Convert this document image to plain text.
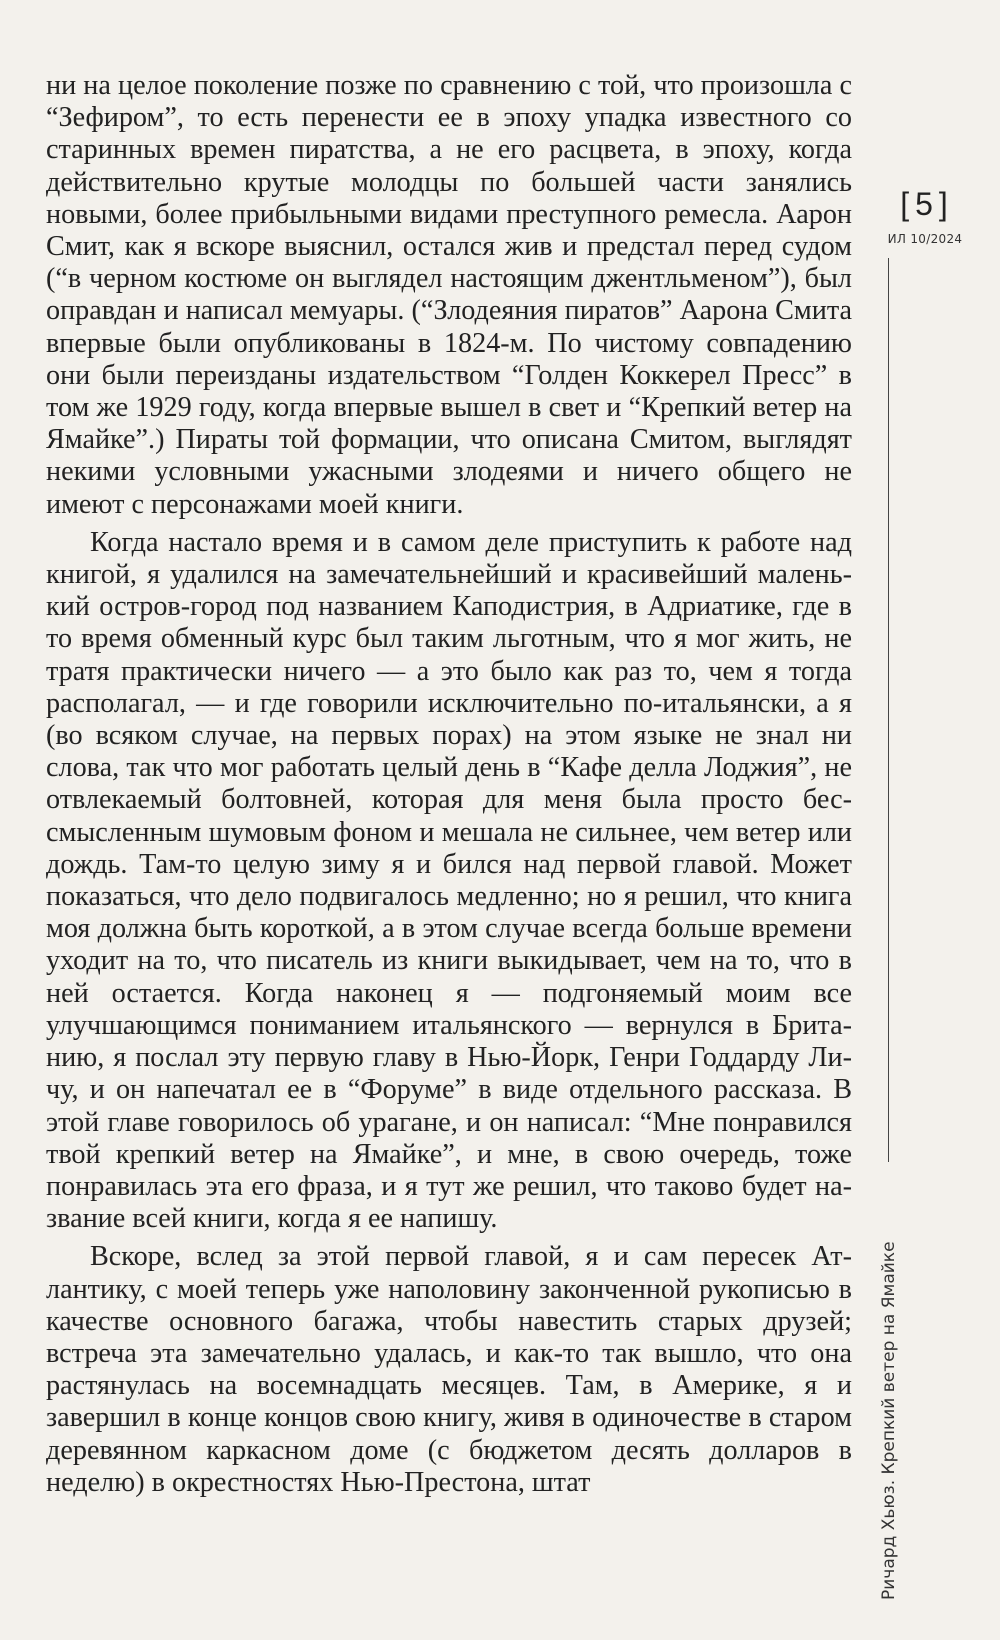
ни на целое поколение позже по сравнению с той, что произошла с “Зефиром”, то есть перенести ее в эпоху упадка известного со старинных времен пиратства, а не его расцвета, в эпоху, когда действительно крутые молодцы по большей части занялись новыми, более прибыльными видами преступного ремесла. Аарон Смит, как я вскоре выяснил, остался жив и предстал перед судом (“в черном костюме он выглядел настоящим джентльменом”), был оправдан и написал мемуары. (“Злодеяния пиратов” Аарона Смита впервые были опубликованы в 1824-м. По чистому совпадению они были переизданы издательством “Голден Коккерел Пресс” в том же 1929 году, когда впервые вышел в свет и “Крепкий ветер на Ямайке”.) Пираты той формации, что описана Смитом, выглядят некими условными ужасными злодеями и ничего общего не имеют с персонажами моей книги.

Когда настало время и в самом деле приступить к работе над книгой, я удалился на замечательнейший и красивейший маленький остров-город под названием Каподистрия, в Адриатике, где в то время обменный курс был таким льготным, что я мог жить, не тратя практически ничего — а это было как раз то, чем я тогда располагал, — и где говорили исключительно по-итальянски, а я (во всяком случае, на первых порах) на этом языке не знал ни слова, так что мог работать целый день в “Кафе делла Лоджия”, не отвлекаемый болтовней, которая для меня была просто бессмысленным шумовым фоном и мешала не сильнее, чем ветер или дождь. Там-то целую зиму я и бился над первой главой. Может показаться, что дело подвигалось медленно; но я решил, что книга моя должна быть короткой, а в этом случае всегда больше времени уходит на то, что писатель из книги выкидывает, чем на то, что в ней остается. Когда наконец я — подгоняемый моим все улучшающимся пониманием итальянского — вернулся в Британию, я послал эту первую главу в Нью-Йорк, Генри Годдарду Личу, и он напечатал ее в “Форуме” в виде отдельного рассказа. В этой главе говорилось об урагане, и он написал: “Мне понравился твой крепкий ветер на Ямайке”, и мне, в свою очередь, тоже понравилась эта его фраза, и я тут же решил, что таково будет название всей книги, когда я ее напишу.

Вскоре, вслед за этой первой главой, я и сам пересек Атлантику, с моей теперь уже наполовину законченной рукописью в качестве основного багажа, чтобы навестить старых друзей; встреча эта замечательно удалась, и как-то так вышло, что она растянулась на восемнадцать месяцев. Там, в Америке, я и завершил в конце концов свою книгу, живя в одиночестве в старом деревянном каркасном доме (с бюджетом десять долларов в неделю) в окрестностях Нью-Престона, штат

[ 5 ]
ИЛ 10/2024
Ричард Хьюз. Крепкий ветер на Ямайке
